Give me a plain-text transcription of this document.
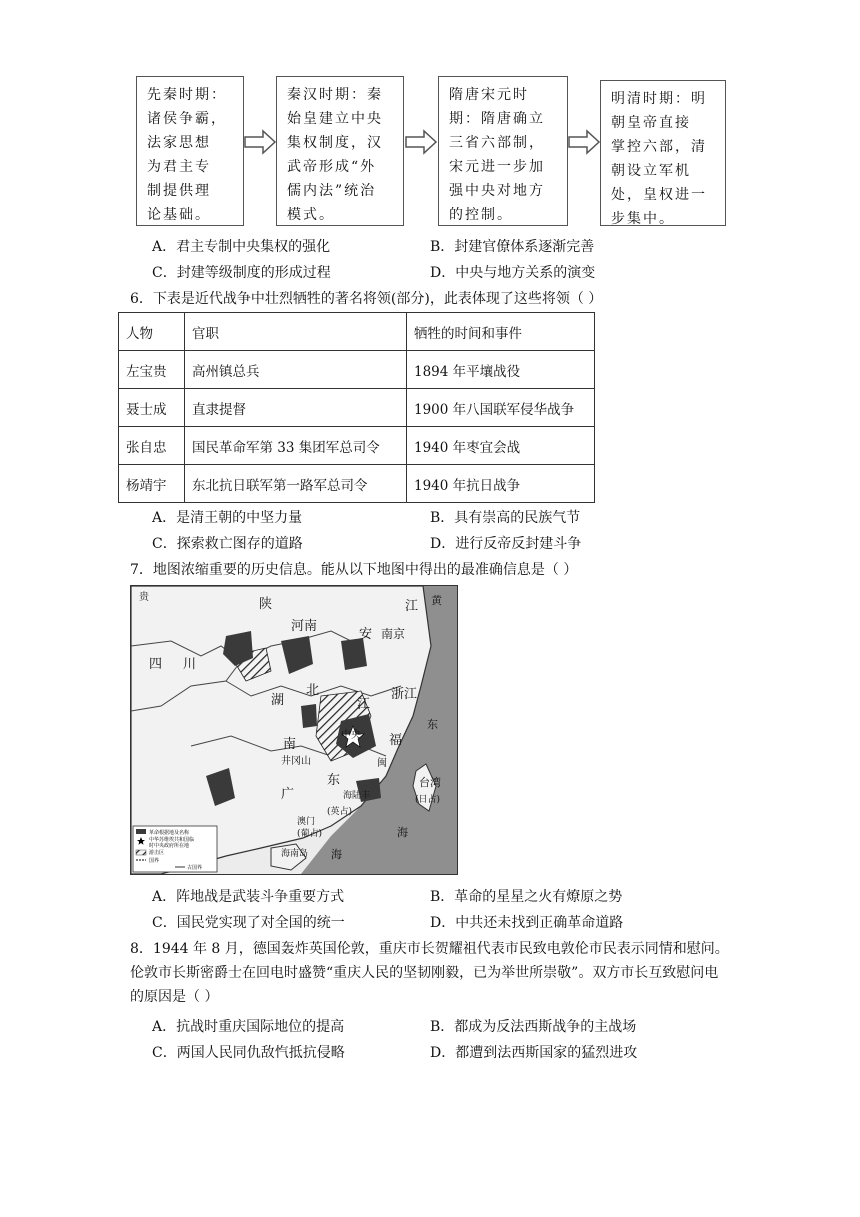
先秦时期：
诸侯争霸，
法家思想
为君主专
制提供理
论基础。
秦汉时期：秦
始皇建立中央
集权制度，汉
武帝形成“外
儒内法”统治
模式。
隋唐宋元时
期：隋唐确立
三省六部制，
宋元进一步加
强中央对地方
的控制。
明清时期：明
朝皇帝直接
掌控六部，清
朝设立军机
处，皇权进一
步集中。
A．君主专制中央集权的强化	B．封建官僚体系逐渐完善
C．封建等级制度的形成过程	D．中央与地方关系的演变
6．下表是近代战争中壮烈牺牲的著名将领(部分)，此表体现了这些将领（ ）
人物	官职	牺牲的时间和事件
左宝贵	高州镇总兵	1894 年平壤战役
聂士成	直隶提督	1900 年八国联军侵华战争
张自忠	国民革命军第 33 集团军总司令	1940 年枣宜会战
杨靖宇	东北抗日联军第一路军总司令	1940 年抗日战争
A．是清王朝的中坚力量	B．具有崇高的民族气节
C．探索救亡图存的道路	D．进行反帝反封建斗争
7．地图浓缩重要的历史信息。能从以下地图中得出的最准确信息是（ ）
贵	陕
河南
安 南京
江 黄
四 川
北
湖	江
浙江
东
南
井冈山
福
中央
闽
广
东
海陆丰
台湾
(日占)
(英占)
澳门
(葡占)
海南岛
海
海
革命根据地及名称
中华苏维埃共和国临
时中央政府所在地
游击区
国界
古国界
A．阵地战是武装斗争重要方式	B．革命的星星之火有燎原之势
C．国民党实现了对全国的统一	D．中共还未找到正确革命道路
8．1944 年 8 月，德国轰炸英国伦敦，重庆市长贺耀祖代表市民致电敦伦市民表示同情和慰问。伦敦市长斯密爵士在回电时盛赞“重庆人民的坚韧刚毅，已为举世所崇敬”。双方市长互致慰问电的原因是（ ）
A．抗战时重庆国际地位的提高	B．都成为反法西斯战争的主战场
C．两国人民同仇敌忾抵抗侵略	D．都遭到法西斯国家的猛烈进攻
